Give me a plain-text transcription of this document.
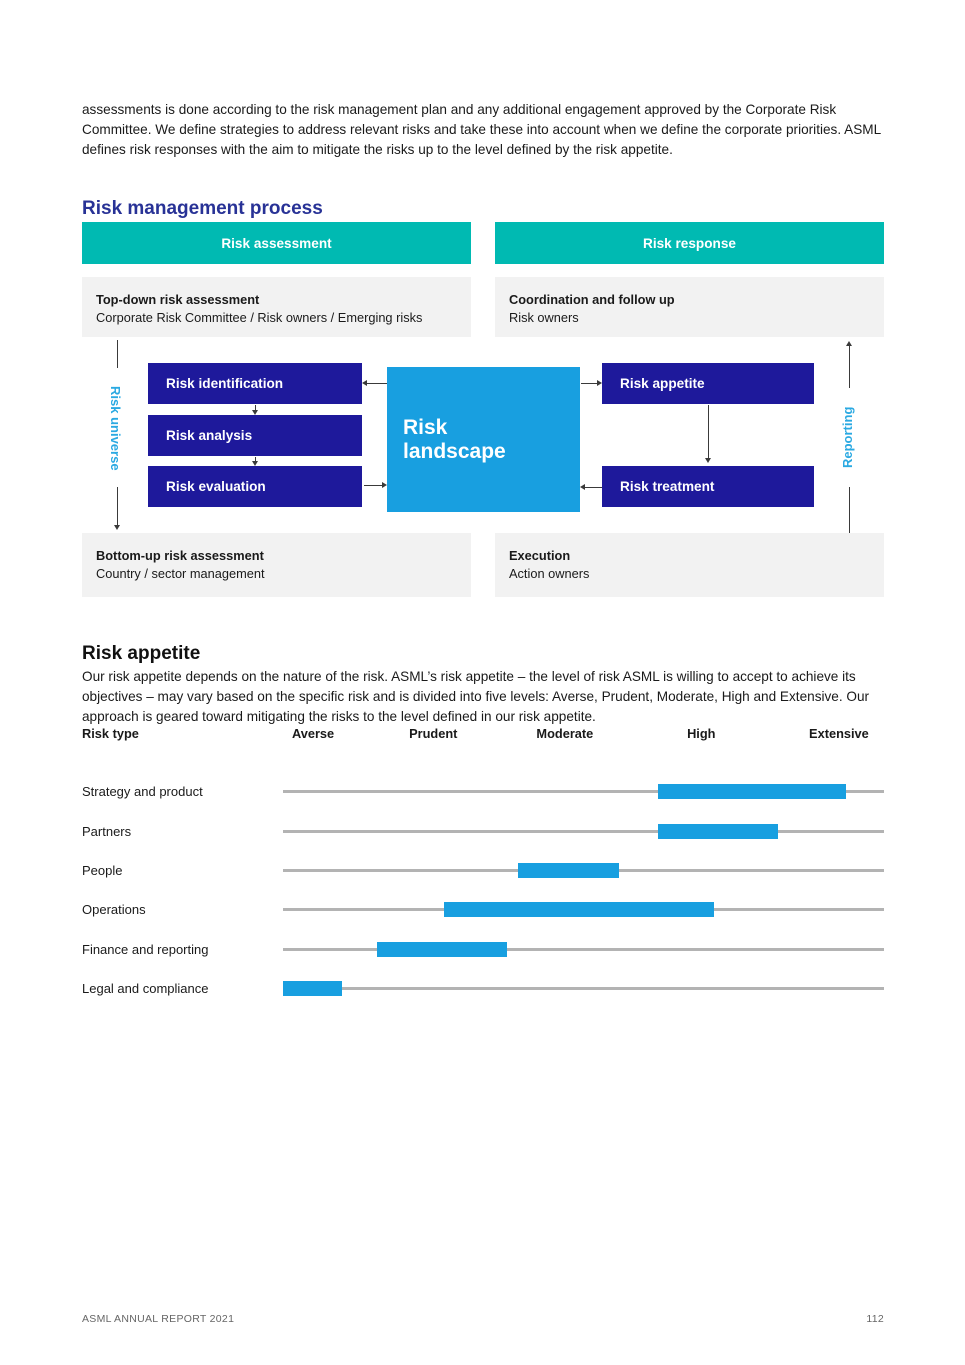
assessments is done according to the risk management plan and any additional engagement approved by the Corporate Risk Committee. We define strategies to address relevant risks and take these into account when we define the corporate priorities. ASML defines risk responses with the aim to mitigate the risks up to the level defined by the risk appetite.

Risk management process
Risk assessment	Risk response
Top-down risk assessment
Corporate Risk Committee / Risk owners / Emerging risks
Coordination and follow up
Risk owners
Risk universe
Risk identification
Risk analysis
Risk evaluation
Risk landscape
Risk appetite
Risk treatment
Reporting
Bottom-up risk assessment
Country / sector management
Execution
Action owners
Risk appetite

Our risk appetite depends on the nature of the risk. ASML’s risk appetite – the level of risk ASML is willing to accept to achieve its objectives – may vary based on the specific risk and is divided into five levels: Averse, Prudent, Moderate, High and Extensive. Our approach is geared toward mitigating the risks to the level defined in our risk appetite.

Risk type	Averse	Prudent	Moderate	High	Extensive
Strategy and product
Partners
People
Operations
Finance and reporting
Legal and compliance
ASML ANNUAL REPORT 2021	112
